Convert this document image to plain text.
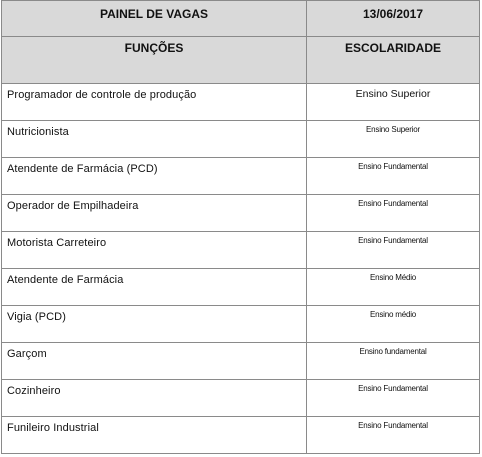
PAINEL DE VAGAS	13/06/2017
FUNÇÕES	ESCOLARIDADE
Programador de controle de produção	Ensino Superior
Nutricionista	Ensino Superior
Atendente de Farmácia (PCD)	Ensino Fundamental
Operador de Empilhadeira	Ensino Fundamental
Motorista Carreteiro	Ensino Fundamental
Atendente de Farmácia	Ensino Médio
Vigia (PCD)	Ensino médio
Garçom	Ensino fundamental
Cozinheiro	Ensino Fundamental
Funileiro Industrial	Ensino Fundamental
